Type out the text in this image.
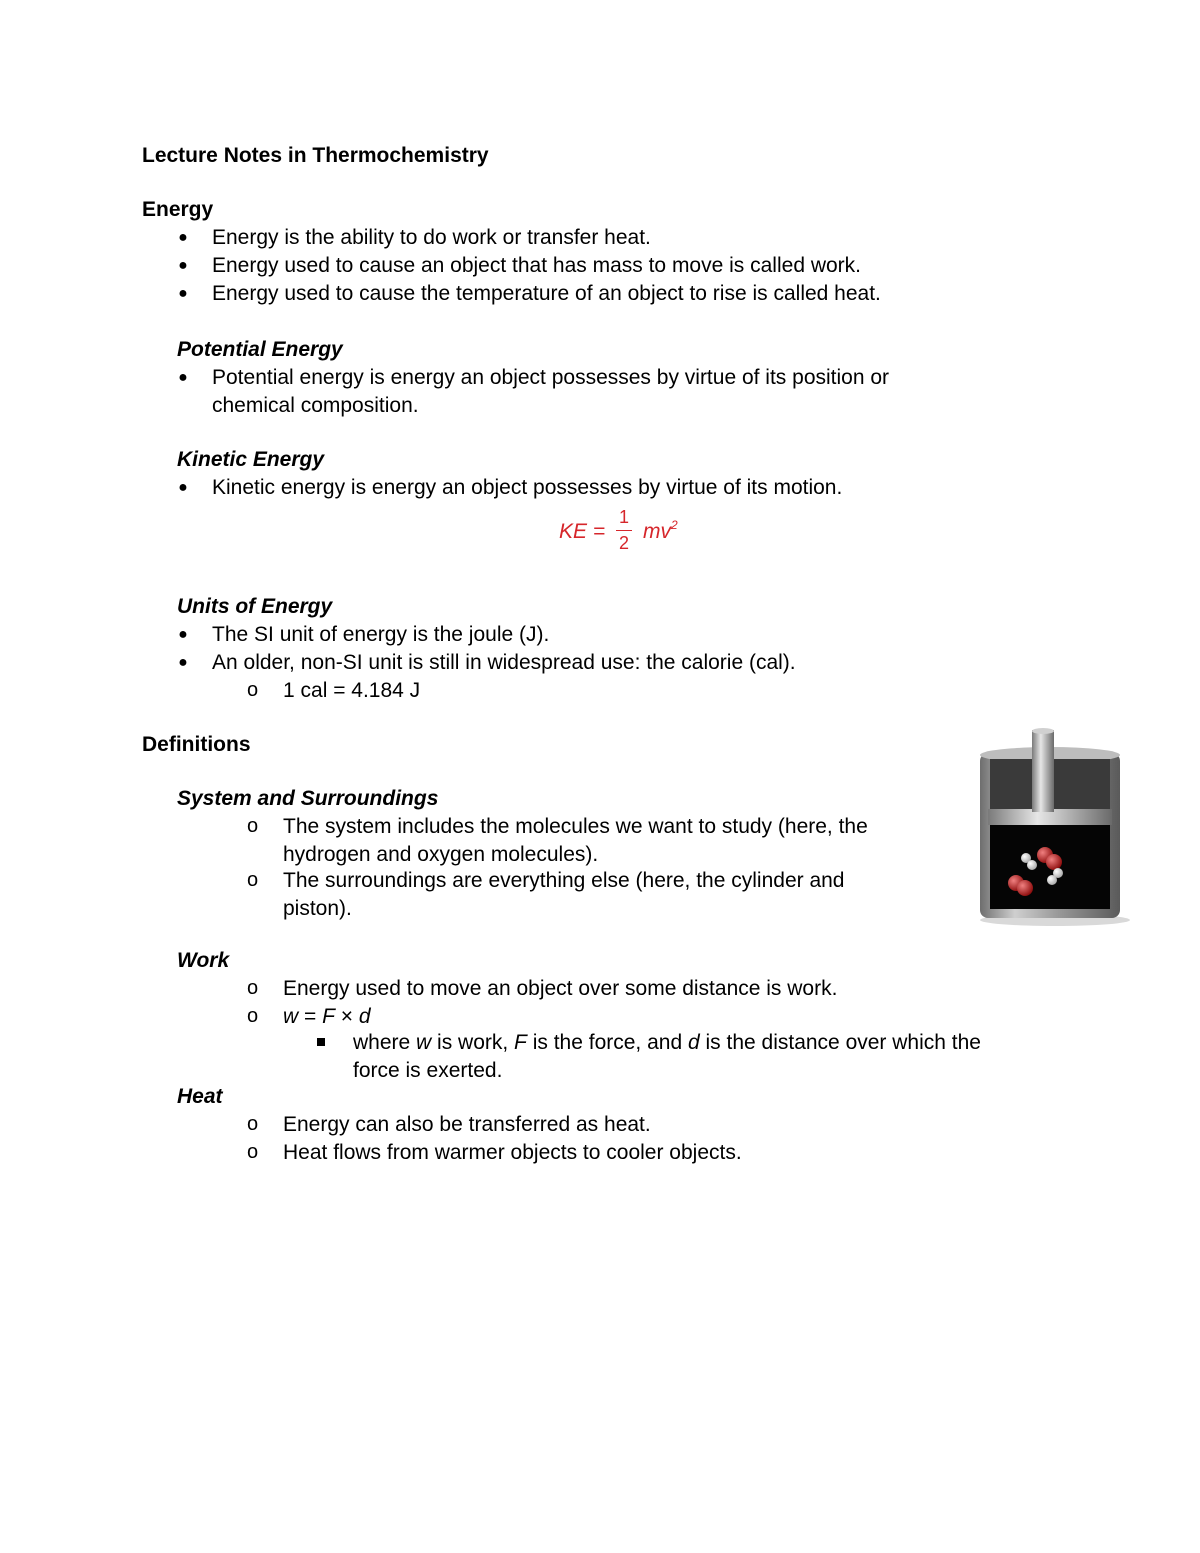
Lecture Notes in Thermochemistry
Energy
● Energy is the ability to do work or transfer heat.
● Energy used to cause an object that has mass to move is called work.
● Energy used to cause the temperature of an object to rise is called heat.
Potential Energy
● Potential energy is energy an object possesses by virtue of its position or
chemical composition.
Kinetic Energy
● Kinetic energy is energy an object possesses by virtue of its motion.
KE =
1
2 $mv^2$
Units of Energy
● The SI unit of energy is the joule (J).
● An older, non-SI unit is still in widespread use: the calorie (cal).
o 1 cal = 4.184 J
Definitions
System and Surroundings
o The system includes the molecules we want to study (here, the
hydrogen and oxygen molecules).
o The surroundings are everything else (here, the cylinder and
piston).
Work
o Energy used to move an object over some distance is work.
o w = F × d
where w is work, F is the force, and d is the distance over which the
force is exerted.
Heat
o Energy can also be transferred as heat.
o Heat flows from warmer objects to cooler objects.
